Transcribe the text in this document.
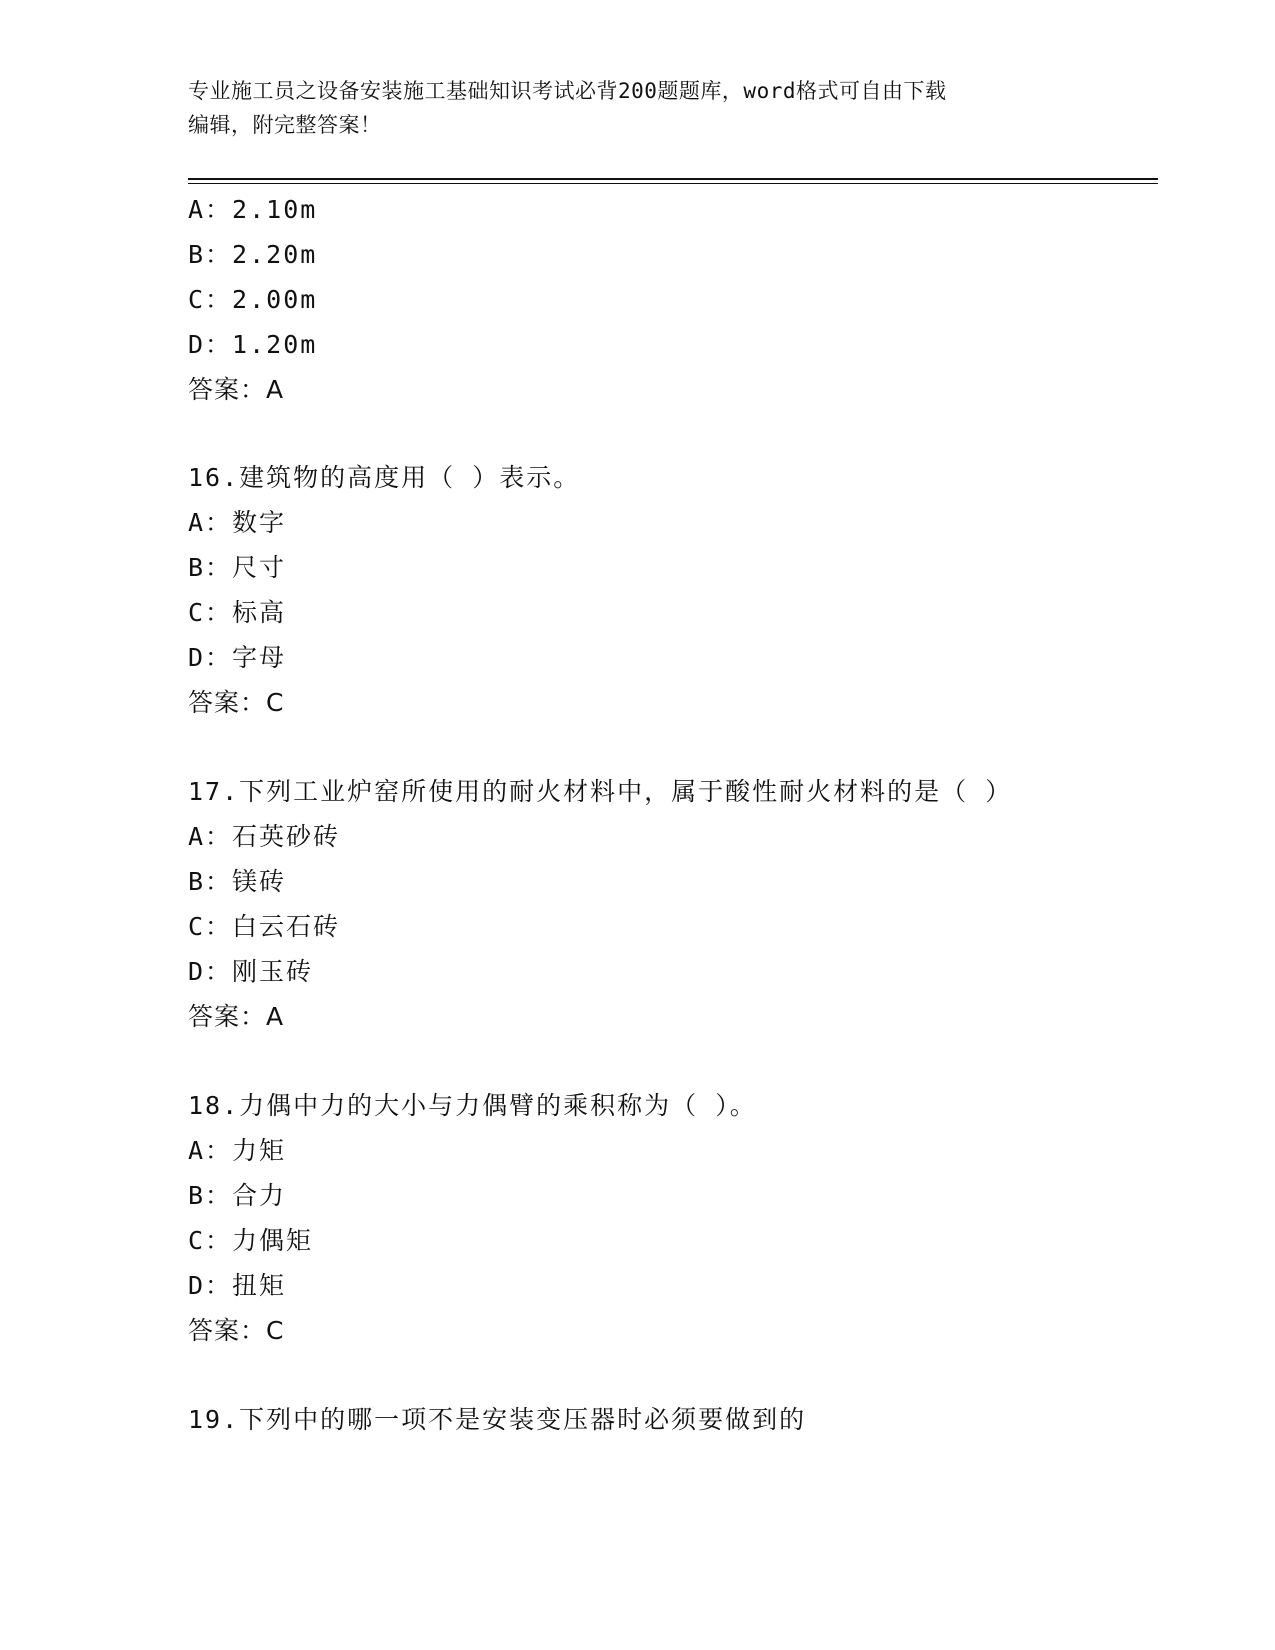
专业施工员之设备安装施工基础知识考试必背200题题库，word格式可自由下载
编辑，附完整答案！
A：2.10m
B：2.20m
C：2.00m
D：1.20m
答案：A
16.建筑物的高度用（ ）表示。
A：数字
B：尺寸
C：标高
D：字母
答案：C
17.下列工业炉窑所使用的耐火材料中，属于酸性耐火材料的是（ ）
A：石英砂砖
B：镁砖
C：白云石砖
D：刚玉砖
答案：A
18.力偶中力的大小与力偶臂的乘积称为（ ）。
A：力矩
B：合力
C：力偶矩
D：扭矩
答案：C
19.下列中的哪一项不是安装变压器时必须要做到的
